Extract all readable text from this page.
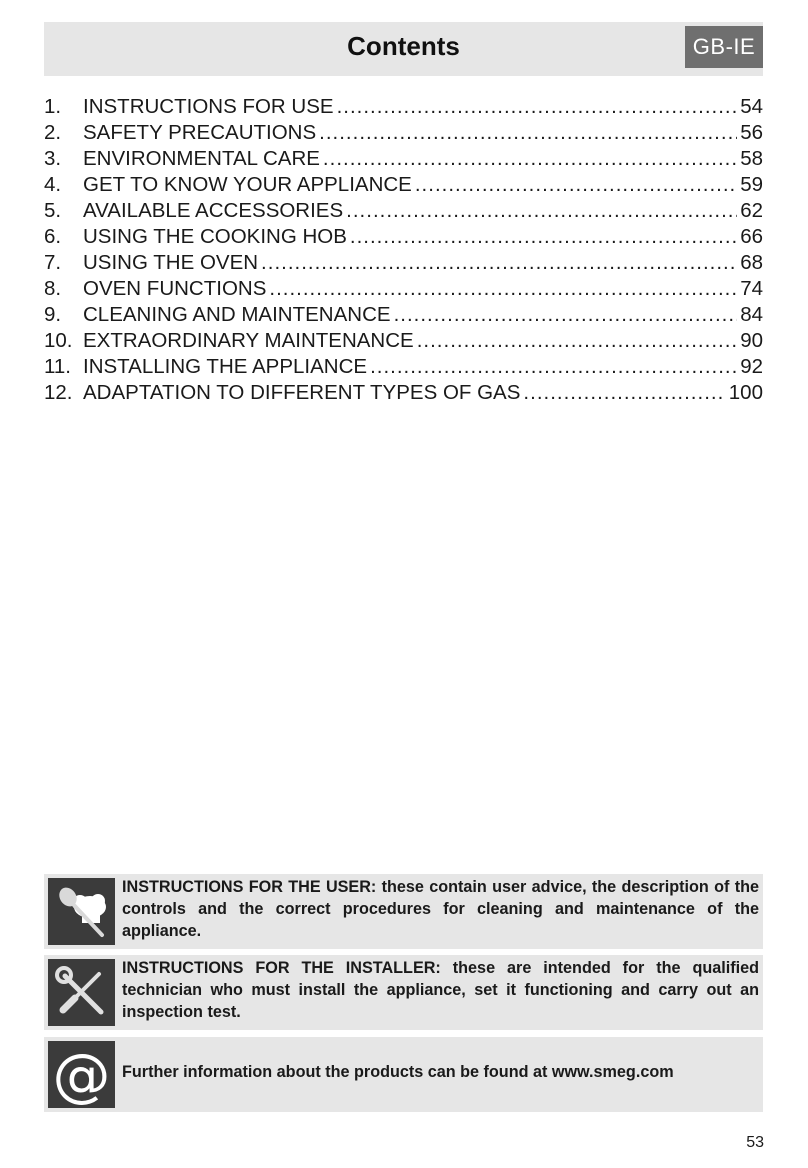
Contents	GB-IE
1.	INSTRUCTIONS FOR USE .....	54
2.	SAFETY PRECAUTIONS .....	56
3.	ENVIRONMENTAL CARE .....	58
4.	GET TO KNOW YOUR APPLIANCE .....	59
5.	AVAILABLE ACCESSORIES .....	62
6.	USING THE COOKING HOB .....	66
7.	USING THE OVEN .....	68
8.	OVEN FUNCTIONS .....	74
9.	CLEANING AND MAINTENANCE .....	84
10. EXTRAORDINARY MAINTENANCE .....	90
11. INSTALLING THE APPLIANCE .....	92
12. ADAPTATION TO DIFFERENT TYPES OF GAS .....	100
INSTRUCTIONS FOR THE USER: these contain user advice, the description of the controls and the correct procedures for cleaning and maintenance of the appliance.
INSTRUCTIONS FOR THE INSTALLER: these are intended for the qualified technician who must install the appliance, set it functioning and carry out an inspection test.
@ Further information about the products can be found at www.smeg.com
53
